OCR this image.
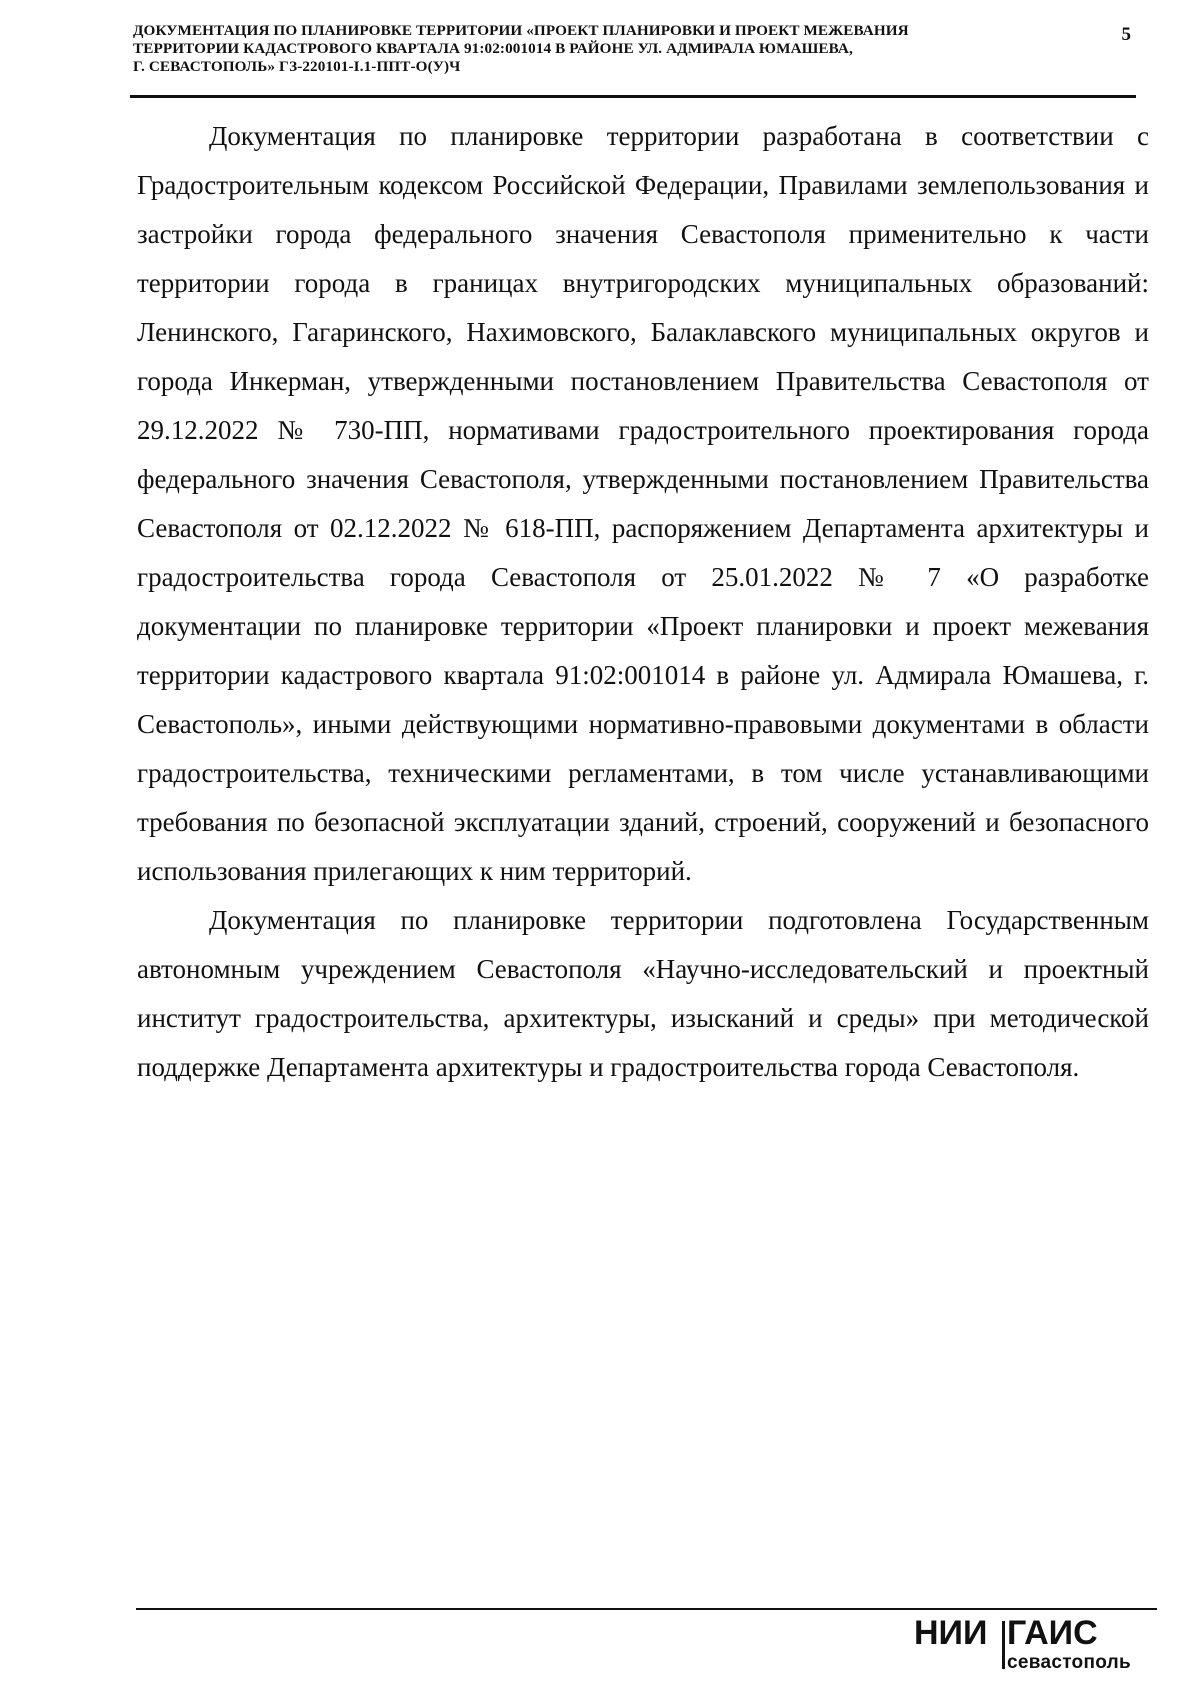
ДОКУМЕНТАЦИЯ ПО ПЛАНИРОВКЕ ТЕРРИТОРИИ «ПРОЕКТ ПЛАНИРОВКИ И ПРОЕКТ МЕЖЕВАНИЯ
ТЕРРИТОРИИ КАДАСТРОВОГО КВАРТАЛА 91:02:001014 В РАЙОНЕ УЛ. АДМИРАЛА ЮМАШЕВА,
Г. СЕВАСТОПОЛЬ» ГЗ-220101-I.1-ППТ-О(У)Ч
5

Документация по планировке территории разработана в соответствии с Градостроительным кодексом Российской Федерации, Правилами землепользования и застройки города федерального значения Севастополя применительно к части территории города в границах внутригородских муниципальных образований: Ленинского, Гагаринского, Нахимовского, Балаклавского муниципальных округов и города Инкерман, утвержденными постановлением Правительства Севастополя от 29.12.2022 № 730-ПП, нормативами градостроительного проектирования города федерального значения Севастополя, утвержденными постановлением Правительства Севастополя от 02.12.2022 № 618-ПП, распоряжением Департамента архитектуры и градостроительства города Севастополя от 25.01.2022 № 7 «О разработке документации по планировке территории «Проект планировки и проект межевания территории кадастрового квартала 91:02:001014 в районе ул. Адмирала Юмашева, г. Севастополь», иными действующими нормативно-правовыми документами в области градостроительства, техническими регламентами, в том числе устанавливающими требования по безопасной эксплуатации зданий, строений, сооружений и безопасного использования прилегающих к ним территорий.

Документация по планировке территории подготовлена Государственным автономным учреждением Севастополя «Научно-исследовательский и проектный институт градостроительства, архитектуры, изысканий и среды» при методической поддержке Департамента архитектуры и градостроительства города Севастополя.

НИИ ГАИС
севастополь
